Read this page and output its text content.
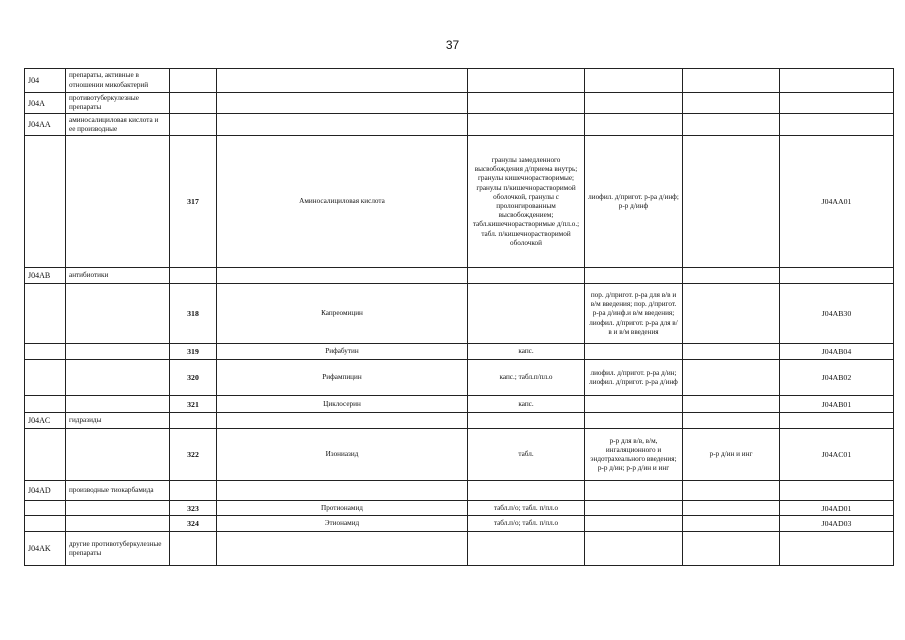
37
J04	препараты, активные в отношении микобактерий						
J04A	противотуберкулезные препараты						
J04AA	аминосалициловая кислота и ее производные						
		317	Аминосалициловая кислота	гранулы замедленного высвобождения д/приема внутрь; гранулы кишечнорастворимые; гранулы п/кишечнорастворимой оболочкой, гранулы с пролонгированным высвобождением; табл.кишечнорастворимые д/пл.о.; табл. п/кишечнорастворимой оболочкой	лиофил. д/пригот. р-ра д/инф; р-р д/инф		J04AA01
J04AB	антибиотики						
		318	Капреомицин		пор. д/пригот. р-ра для в/в и в/м введения; пор. д/пригот. р-ра д/инф.и в/м введения; лиофил. д/пригот. р-ра для в/в и в/м введения		J04AB30
		319	Рифабутин	капс.			J04AB04
		320	Рифампицин	капс.; табл.п/пл.о	лиофил. д/пригот. р-ра д/ин; лиофил. д/пригот. р-ра д/инф		J04AB02
		321	Циклосерин	капс.			J04AB01
J04AC	гидразиды						
		322	Изониазид	табл.	р-р для в/в, в/м, ингаляционного и эндотрахеального введения; р-р д/ин; р-р д/ин и инг	р-р д/ин и инг	J04AC01
J04AD	производные тиокарбамида						
		323	Протионамид	табл.п/о; табл. п/пл.о			J04AD01
		324	Этионамид	табл.п/о; табл. п/пл.о			J04AD03
J04AK	другие противотуберкулезные препараты						
